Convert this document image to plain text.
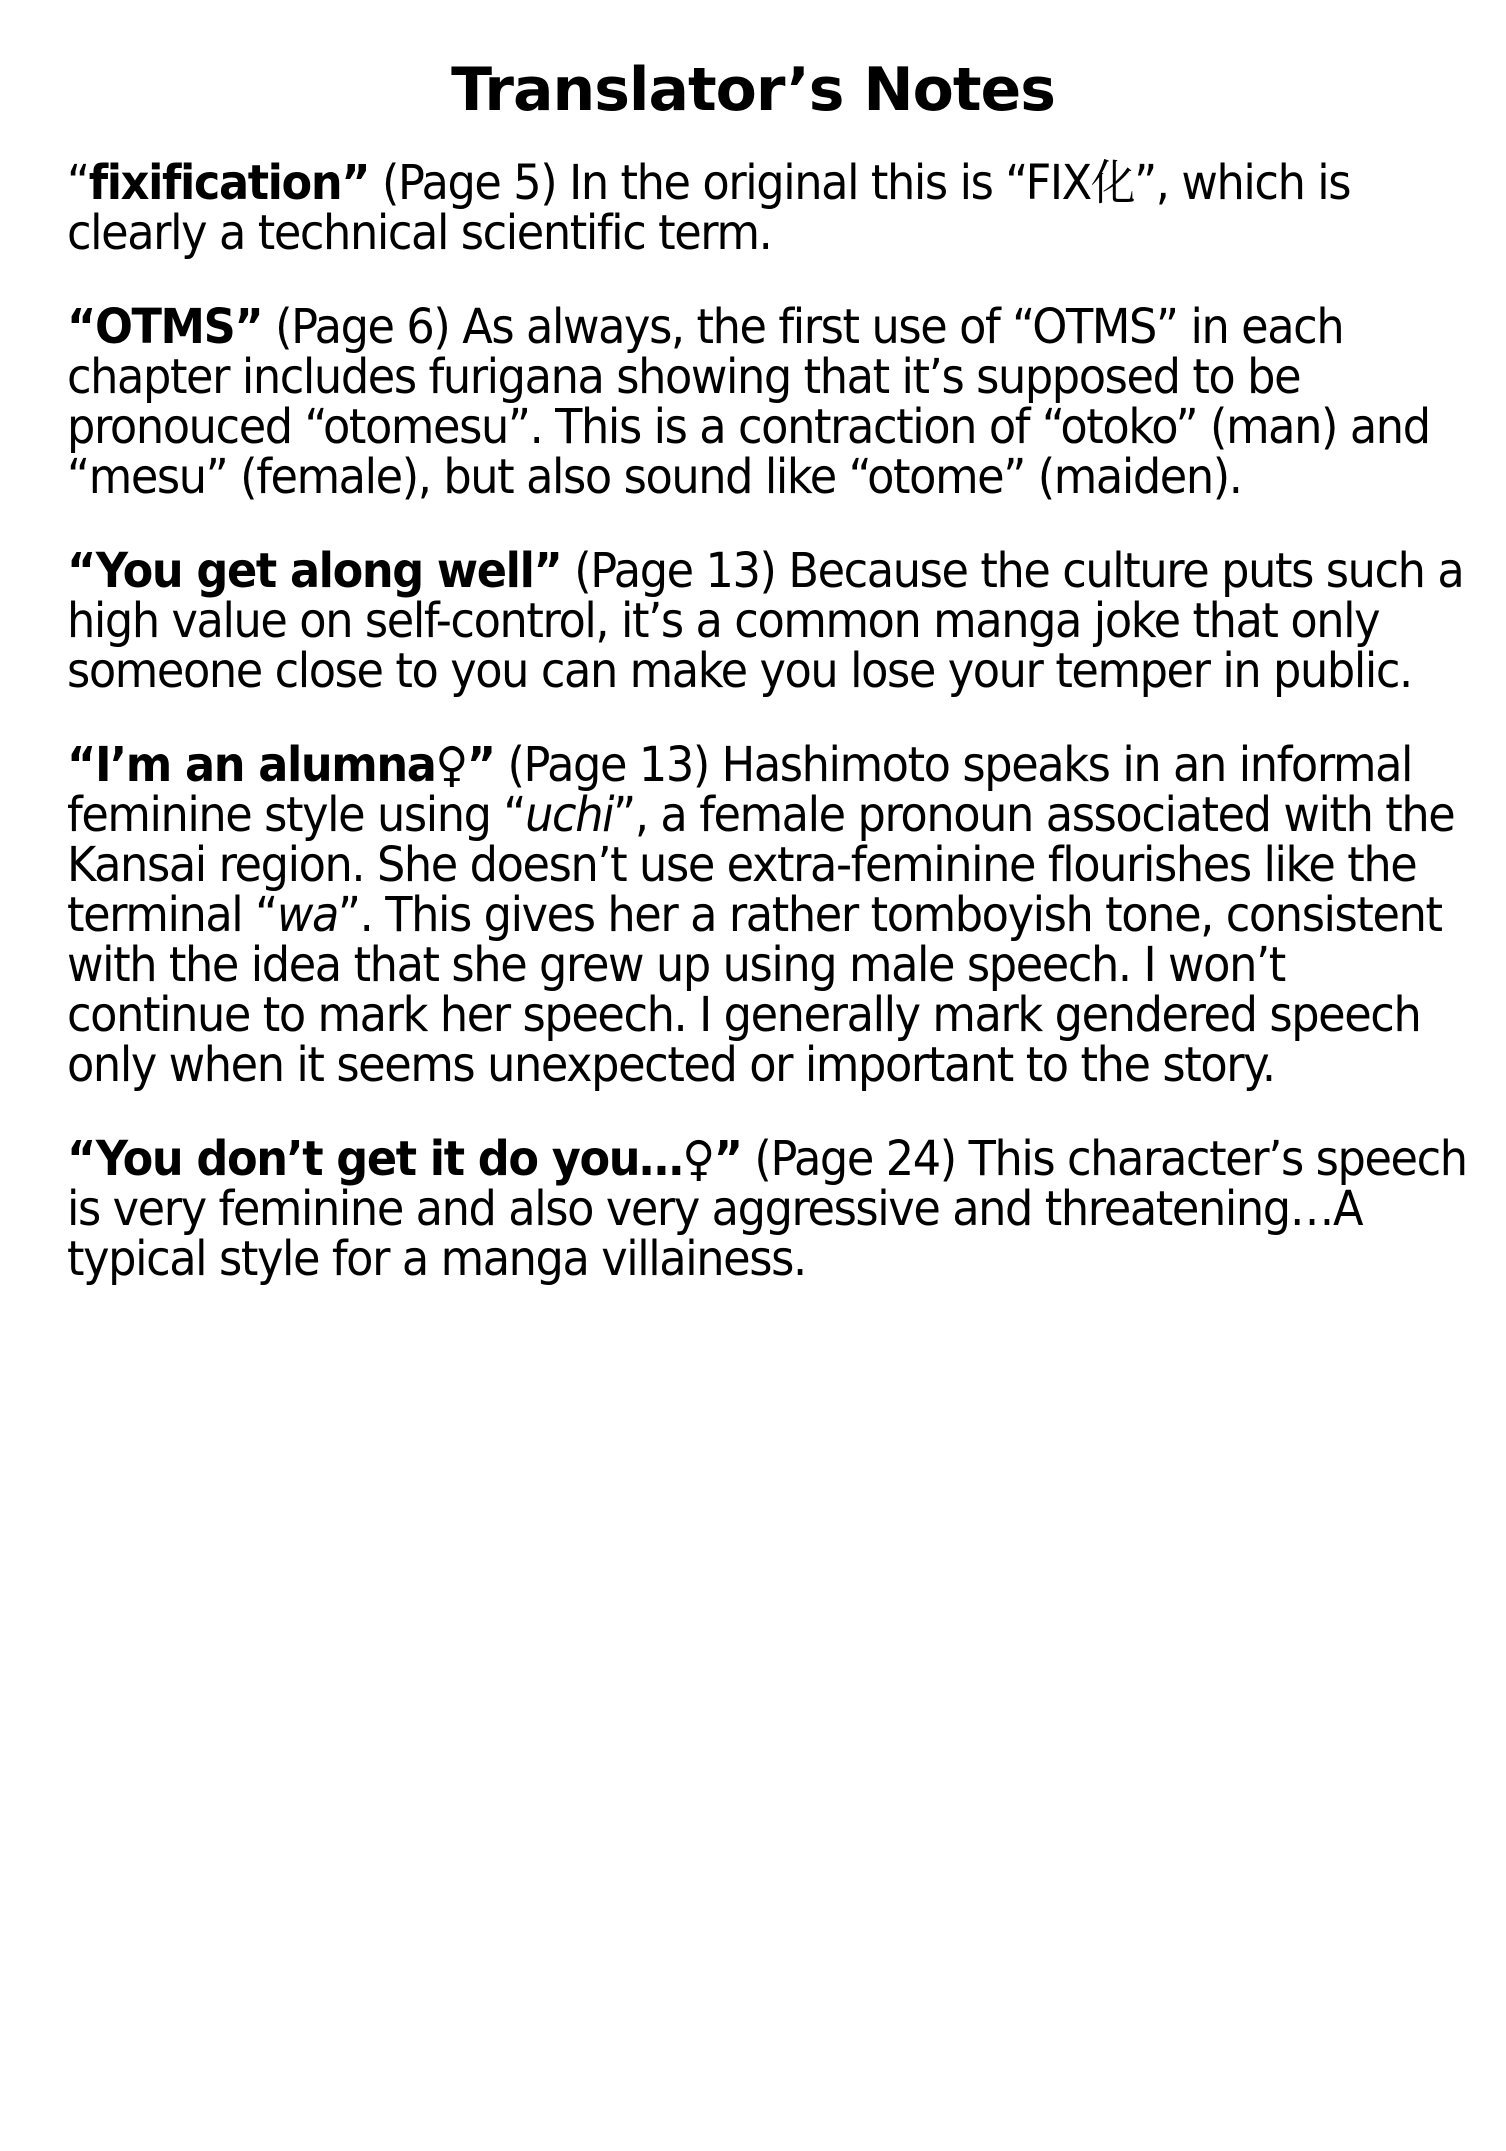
Translator’s Notes

“fixification” (Page 5) In the original this is “FIX化”, which is clearly a technical scientific term.

“OTMS” (Page 6) As always, the first use of “OTMS” in each chapter includes furigana showing that it’s supposed to be pronouced “otomesu”. This is a contraction of “otoko” (man) and “mesu” (female), but also sound like “otome” (maiden).

“You get along well” (Page 13) Because the culture puts such a high value on self-control, it’s a common manga joke that only someone close to you can make you lose your temper in public.

“I’m an alumna♀” (Page 13) Hashimoto speaks in an informal feminine style using “uchi”, a female pronoun associated with the Kansai region. She doesn’t use extra-feminine flourishes like the terminal “wa”. This gives her a rather tomboyish tone, consistent with the idea that she grew up using male speech. I won’t continue to mark her speech. I generally mark gendered speech only when it seems unexpected or important to the story.

“You don’t get it do you…♀” (Page 24) This character’s speech is very feminine and also very aggressive and threatening…A typical style for a manga villainess.
